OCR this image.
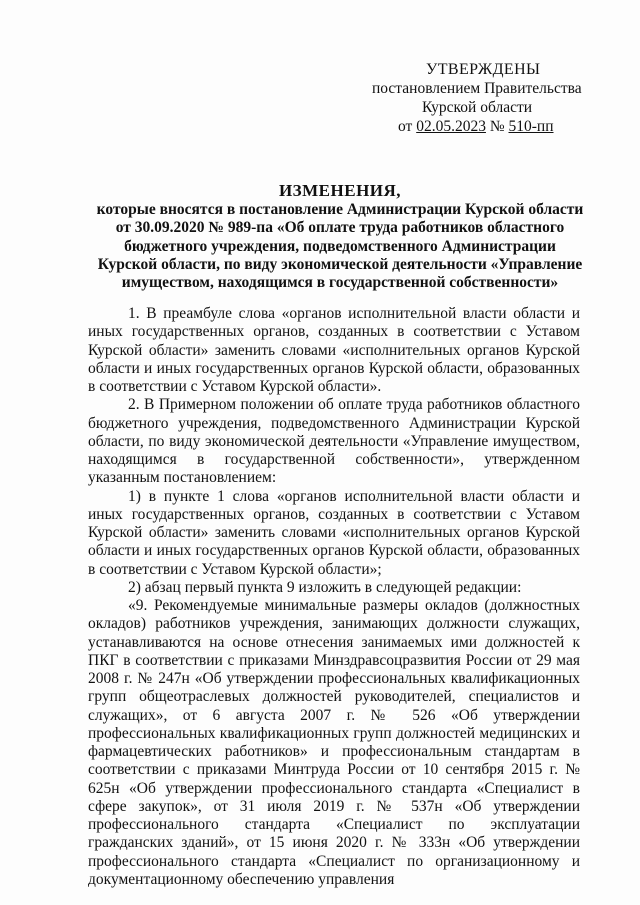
УТВЕРЖДЕНЫ
постановлением Правительства
Курской области
от 02.05.2023 № 510-пп
ИЗМЕНЕНИЯ,
которые вносятся в постановление Администрации Курской области
от 30.09.2020 № 989-па «Об оплате труда работников областного
бюджетного учреждения, подведомственного Администрации
Курской области, по виду экономической деятельности «Управление
имуществом, находящимся в государственной собственности»

1. В преамбуле слова «органов исполнительной власти области и иных государственных органов, созданных в соответствии с Уставом Курской области» заменить словами «исполнительных органов Курской области и иных государственных органов Курской области, образованных в соответствии с Уставом Курской области».

2. В Примерном положении об оплате труда работников областного бюджетного учреждения, подведомственного Администрации Курской области, по виду экономической деятельности «Управление имуществом, находящимся в государственной собственности», утвержденном указанным постановлением:

1) в пункте 1 слова «органов исполнительной власти области и иных государственных органов, созданных в соответствии с Уставом Курской области» заменить словами «исполнительных органов Курской области и иных государственных органов Курской области, образованных в соответствии с Уставом Курской области»;

2) абзац первый пункта 9 изложить в следующей редакции:

«9. Рекомендуемые минимальные размеры окладов (должностных окладов) работников учреждения, занимающих должности служащих, устанавливаются на основе отнесения занимаемых ими должностей к ПКГ в соответствии с приказами Минздравсоцразвития России от 29 мая 2008 г. № 247н «Об утверждении профессиональных квалификационных групп общеотраслевых должностей руководителей, специалистов и служащих», от 6 августа 2007 г. № 526 «Об утверждении профессиональных квалификационных групп должностей медицинских и фармацевтических работников» и профессиональным стандартам в соответствии с приказами Минтруда России от 10 сентября 2015 г. № 625н «Об утверждении профессионального стандарта «Специалист в сфере закупок», от 31 июля 2019 г. № 537н «Об утверждении профессионального стандарта «Специалист по эксплуатации гражданских зданий», от 15 июня 2020 г. № 333н «Об утверждении профессионального стандарта «Специалист по организационному и документационному обеспечению управления
